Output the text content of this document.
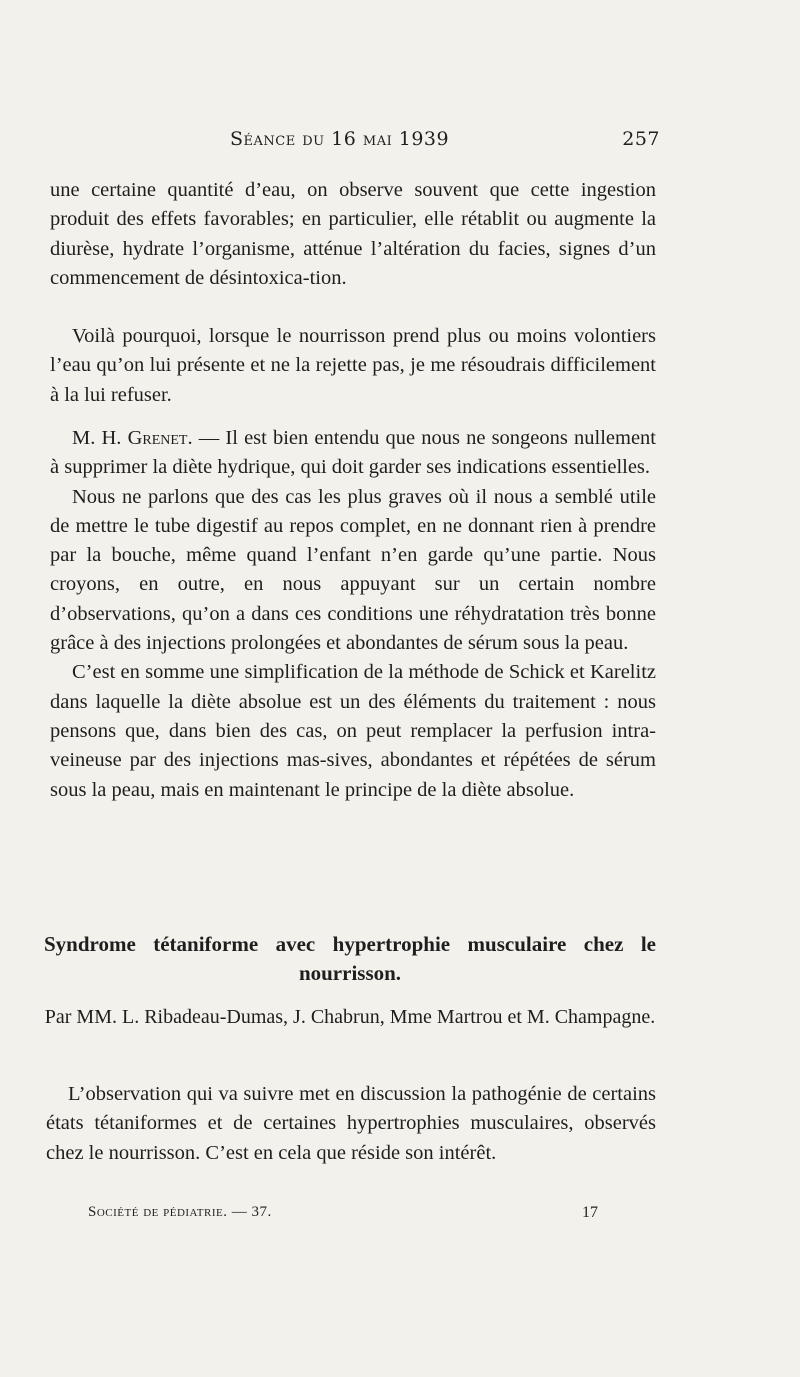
Séance du 16 mai 1939	257

une certaine quantité d’eau, on observe souvent que cette ingestion produit des effets favorables; en particulier, elle rétablit ou augmente la diurèse, hydrate l’organisme, atténue l’altération du facies, signes d’un commencement de désintoxica-tion.

Voilà pourquoi, lorsque le nourrisson prend plus ou moins volontiers l’eau qu’on lui présente et ne la rejette pas, je me résoudrais difficilement à la lui refuser.

M. H. Grenet. — Il est bien entendu que nous ne songeons nullement à supprimer la diète hydrique, qui doit garder ses indications essentielles.

Nous ne parlons que des cas les plus graves où il nous a semblé utile de mettre le tube digestif au repos complet, en ne donnant rien à prendre par la bouche, même quand l’enfant n’en garde qu’une partie. Nous croyons, en outre, en nous appuyant sur un certain nombre d’observations, qu’on a dans ces conditions une réhydratation très bonne grâce à des injections prolongées et abondantes de sérum sous la peau.

C’est en somme une simplification de la méthode de Schick et Karelitz dans laquelle la diète absolue est un des éléments du traitement : nous pensons que, dans bien des cas, on peut remplacer la perfusion intra-veineuse par des injections mas-sives, abondantes et répétées de sérum sous la peau, mais en maintenant le principe de la diète absolue.

Syndrome tétaniforme avec hypertrophie musculaire chez le nourrisson.
Par MM. L. Ribadeau-Dumas, J. Chabrun, Mme Martrou et M. Champagne.

L’observation qui va suivre met en discussion la pathogénie de certains états tétaniformes et de certaines hypertrophies musculaires, observés chez le nourrisson. C’est en cela que réside son intérêt.

Société de pédiatrie. — 37.	17
